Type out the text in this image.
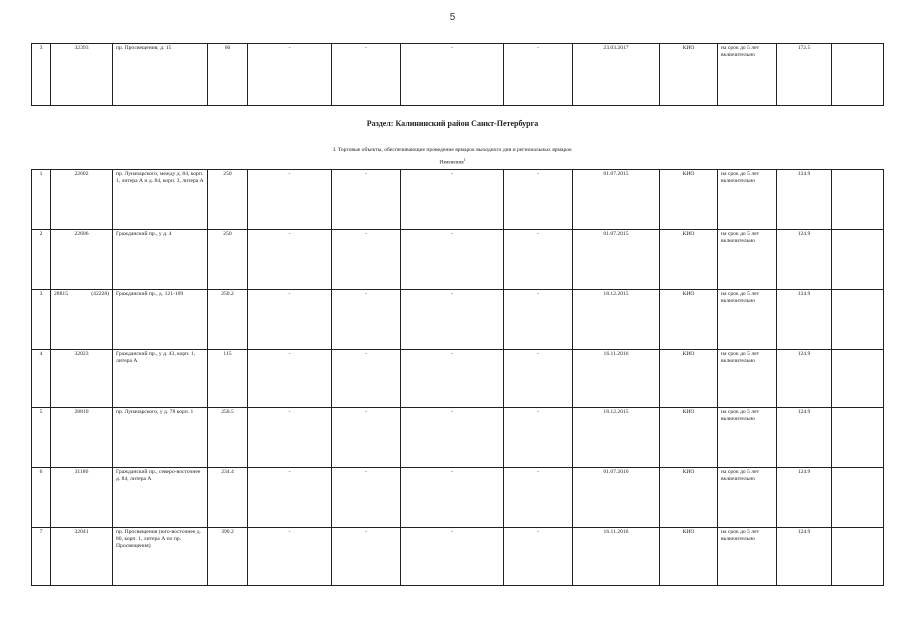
5
3	32393	пр. Просвещения, д. 15	60	-	-	-	-	23.03.2017	КИО	на срок до 5 лет включительно	172.5	
Раздел: Калининский район Санкт-Петербурга
I. Торговые объекты, обеспечивающие проведение ярмарок выходного дня и региональных ярмарок
Изменения$^1$
1	22602	пр. Луначарского, между д. 84, корп. 1, литера А и д. 84, корп. 3, литера А	250	-	-	-	-	01.07.2015	КИО	на срок до 5 лет включительно	124.9	
2	22606	Гражданский пр., у д. 4	250	-	-	-	-	01.07.2015	КИО	на срок до 5 лет включительно	124.9	
3	28815 (42228)	Гражданский пр., д. 121-109	250.2	-	-	-	-	18.12.2015	КИО	на срок до 5 лет включительно	124.9	
4	32023	Гражданский пр., у д. 43, корп. 1, литера А	115	-	-	-	-	16.11.2016	КИО	на срок до 5 лет включительно	124.9	
5	28810	пр. Луначарского, у д. 78 корп. 1	250.5	-	-	-	-	18.12.2015	КИО	на срок до 5 лет включительно	124.9	
6	31186	Гражданский пр., северо-восточнее д. 84, литера А	234.4	-	-	-	-	01.07.2016	КИО	на срок до 5 лет включительно	124.9	
7	32041	пр. Просвещения (юго-восточнее д. 80, корп. 1, литера А по пр. Просвещения)	390.2	-	-	-	-	16.11.2016	КИО	на срок до 5 лет включительно	124.9	
